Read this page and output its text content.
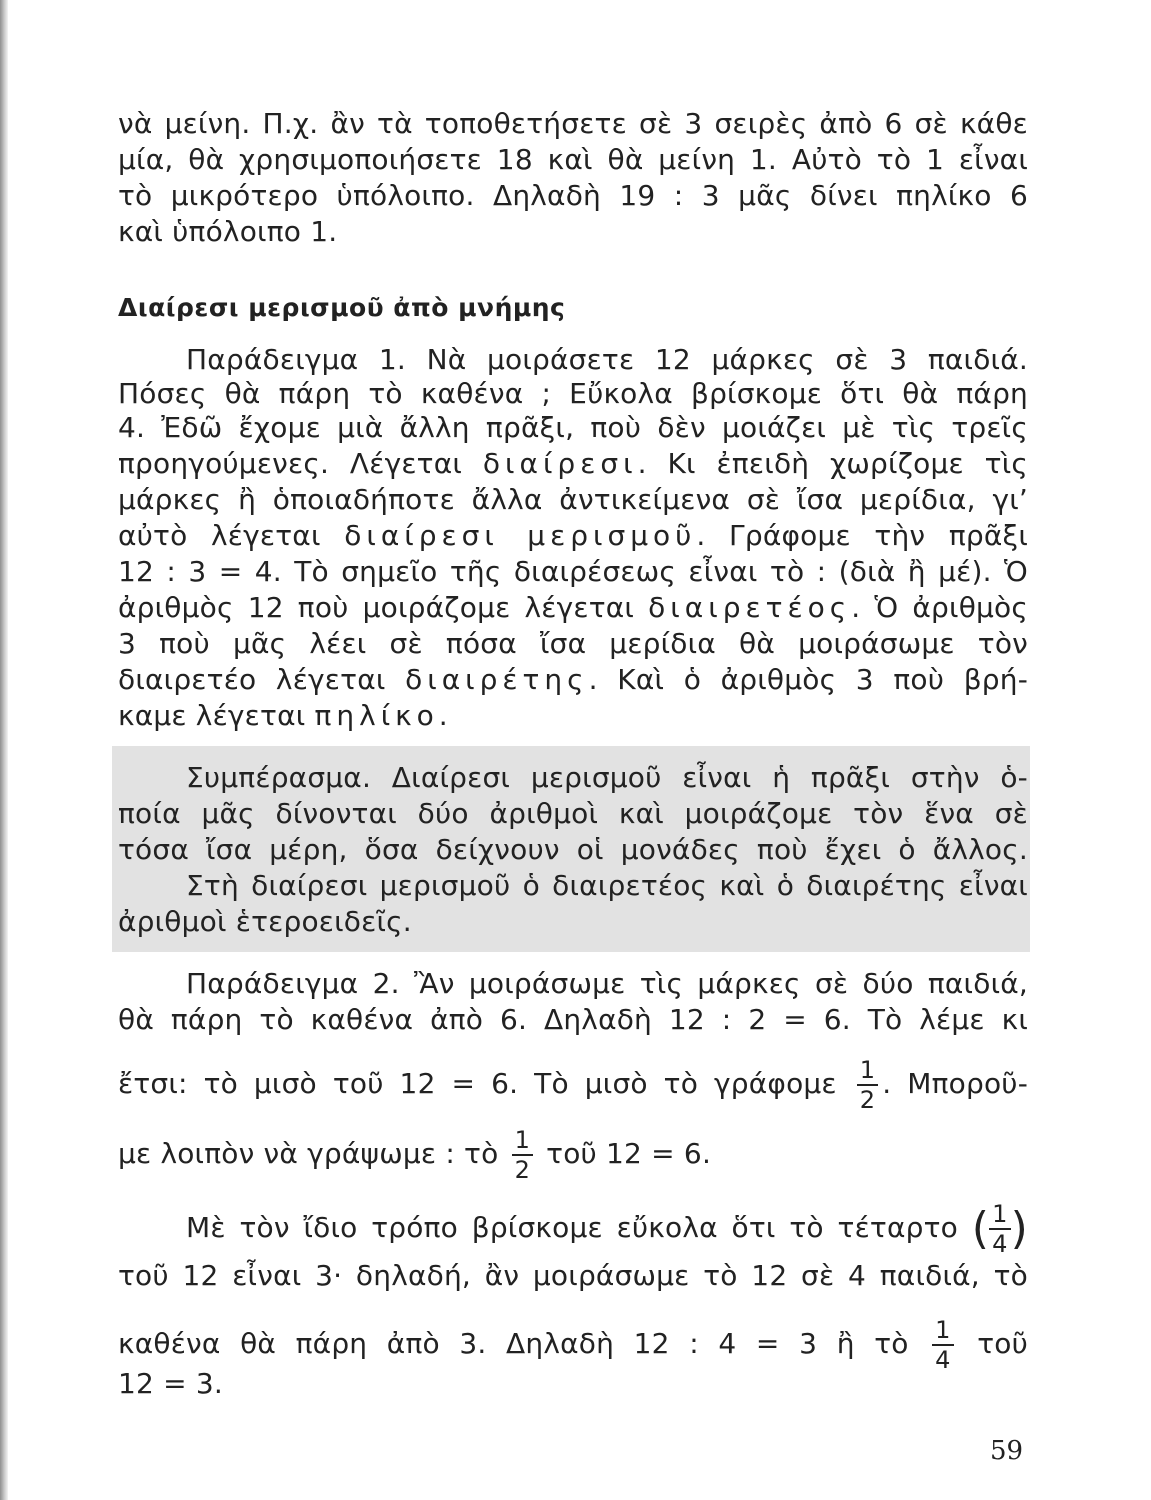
νὰ μείνη. Π.χ. ἂν τὰ τοποθετήσετε σὲ 3 σειρὲς ἀπὸ 6 σὲ κάθε
μία, θὰ χρησιμοποιήσετε 18 καὶ θὰ μείνη 1. Αὐτὸ τὸ 1 εἶναι
τὸ μικρότερο ὑπόλοιπο. Δηλαδὴ 19 : 3 μᾶς δίνει πηλίκο 6
καὶ ὑπόλοιπο 1.
Διαίρεσι μερισμοῦ ἀπὸ μνήμης
Παράδειγμα 1. Νὰ μοιράσετε 12 μάρκες σὲ 3 παιδιά.
Πόσες θὰ πάρη τὸ καθένα ; Εὔκολα βρίσκομε ὅτι θὰ πάρη
4. Ἐδῶ ἔχομε μιὰ ἄλλη πρᾶξι, ποὺ δὲν μοιάζει μὲ τὶς τρεῖς
προηγούμενες. Λέγεται διαίρεσι. Κι ἐπειδὴ χωρίζομε τὶς
μάρκες ἢ ὁποιαδήποτε ἄλλα ἀντικείμενα σὲ ἴσα μερίδια, γι’
αὐτὸ λέγεται διαίρεσι μερισμοῦ. Γράφομε τὴν πρᾶξι
12 : 3 = 4. Τὸ σημεῖο τῆς διαιρέσεως εἶναι τὸ : (διὰ ἢ μέ). Ὁ
ἀριθμὸς 12 ποὺ μοιράζομε λέγεται διαιρετέος. Ὁ ἀριθμὸς
3 ποὺ μᾶς λέει σὲ πόσα ἴσα μερίδια θὰ μοιράσωμε τὸν
διαιρετέο λέγεται διαιρέτης. Καὶ ὁ ἀριθμὸς 3 ποὺ βρή-
καμε λέγεται πηλίκο.
Συμπέρασμα. Διαίρεσι μερισμοῦ εἶναι ἡ πρᾶξι στὴν ὁ-
ποία μᾶς δίνονται δύο ἀριθμοὶ καὶ μοιράζομε τὸν ἕνα σὲ
τόσα ἴσα μέρη, ὅσα δείχνουν οἱ μονάδες ποὺ ἔχει ὁ ἄλλος.
Στὴ διαίρεσι μερισμοῦ ὁ διαιρετέος καὶ ὁ διαιρέτης εἶναι
ἀριθμοὶ ἑτεροειδεῖς.
Παράδειγμα 2. Ἂν μοιράσωμε τὶς μάρκες σὲ δύο παιδιά,
θὰ πάρη τὸ καθένα ἀπὸ 6. Δηλαδὴ 12 : 2 = 6. Τὸ λέμε κι
ἔτσι: τὸ μισὸ τοῦ 12 = 6. Τὸ μισὸ τὸ γράφομε $\frac{1}{2}$ . Μποροῦ-
με λοιπὸν νὰ γράψωμε : τὸ $\frac{1}{2}$ τοῦ 12 = 6.
Μὲ τὸν ἴδιο τρόπο βρίσκομε εὔκολα ὅτι τὸ τέταρτο ( $\frac{1}{4}$ )
τοῦ 12 εἶναι 3· δηλαδή, ἂν μοιράσωμε τὸ 12 σὲ 4 παιδιά, τὸ
καθένα θὰ πάρη ἀπὸ 3. Δηλαδὴ 12 : 4 = 3 ἢ τὸ $\frac{1}{4}$ τοῦ
12 = 3.
59
